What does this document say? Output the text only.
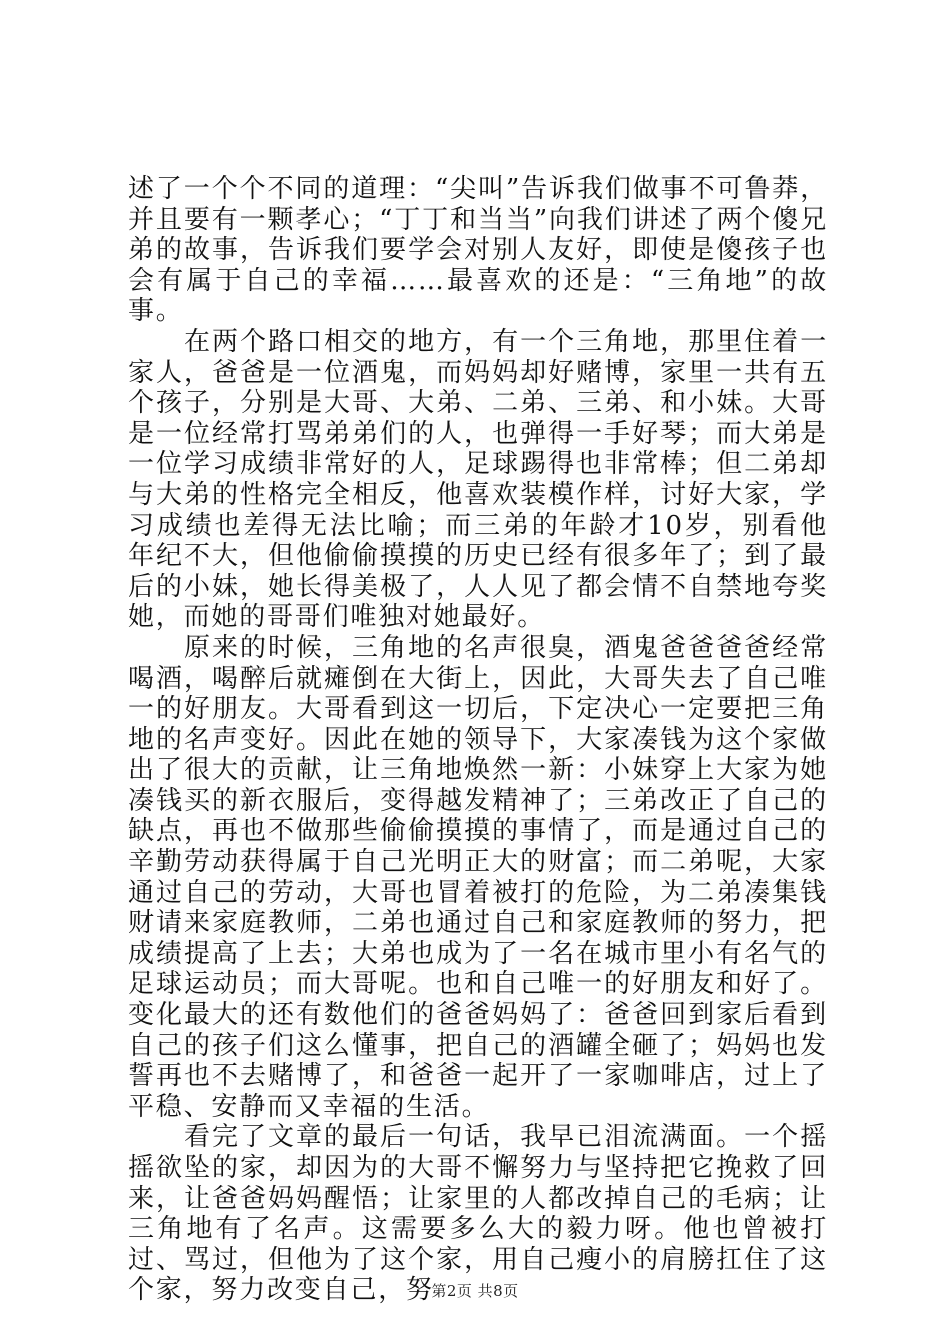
述了一个个不同的道理：“尖叫”告诉我们做事不可鲁莽，并且要有一颗孝心；“丁丁和当当”向我们讲述了两个傻兄弟的故事，告诉我们要学会对别人友好，即使是傻孩子也会有属于自己的幸福……最喜欢的还是：“三角地”的故事。

在两个路口相交的地方，有一个三角地，那里住着一家人，爸爸是一位酒鬼，而妈妈却好赌博，家里一共有五个孩子，分别是大哥、大弟、二弟、三弟、和小妹。大哥是一位经常打骂弟弟们的人，也弹得一手好琴；而大弟是一位学习成绩非常好的人，足球踢得也非常棒；但二弟却与大弟的性格完全相反，他喜欢装模作样，讨好大家，学习成绩也差得无法比喻；而三弟的年龄才10岁，别看他年纪不大，但他偷偷摸摸的历史已经有很多年了；到了最后的小妹，她长得美极了，人人见了都会情不自禁地夸奖她，而她的哥哥们唯独对她最好。

原来的时候，三角地的名声很臭，酒鬼爸爸爸爸经常喝酒，喝醉后就瘫倒在大街上，因此，大哥失去了自己唯一的好朋友。大哥看到这一切后，下定决心一定要把三角地的名声变好。因此在她的领导下，大家凑钱为这个家做出了很大的贡献，让三角地焕然一新：小妹穿上大家为她凑钱买的新衣服后，变得越发精神了；三弟改正了自己的缺点，再也不做那些偷偷摸摸的事情了，而是通过自己的辛勤劳动获得属于自己光明正大的财富；而二弟呢，大家通过自己的劳动，大哥也冒着被打的危险，为二弟凑集钱财请来家庭教师，二弟也通过自己和家庭教师的努力，把成绩提高了上去；大弟也成为了一名在城市里小有名气的足球运动员；而大哥呢。也和自己唯一的好朋友和好了。变化最大的还有数他们的爸爸妈妈了：爸爸回到家后看到自己的孩子们这么懂事，把自己的酒罐全砸了；妈妈也发誓再也不去赌博了，和爸爸一起开了一家咖啡店，过上了平稳、安静而又幸福的生活。

看完了文章的最后一句话，我早已泪流满面。一个摇摇欲坠的家，却因为的大哥不懈努力与坚持把它挽救了回来，让爸爸妈妈醒悟；让家里的人都改掉自己的毛病；让三角地有了名声。这需要多么大的毅力呀。他也曾被打过、骂过，但他为了这个家，用自己瘦小的肩膀扛住了这个家，努力改变自己，努

第2页 共8页
